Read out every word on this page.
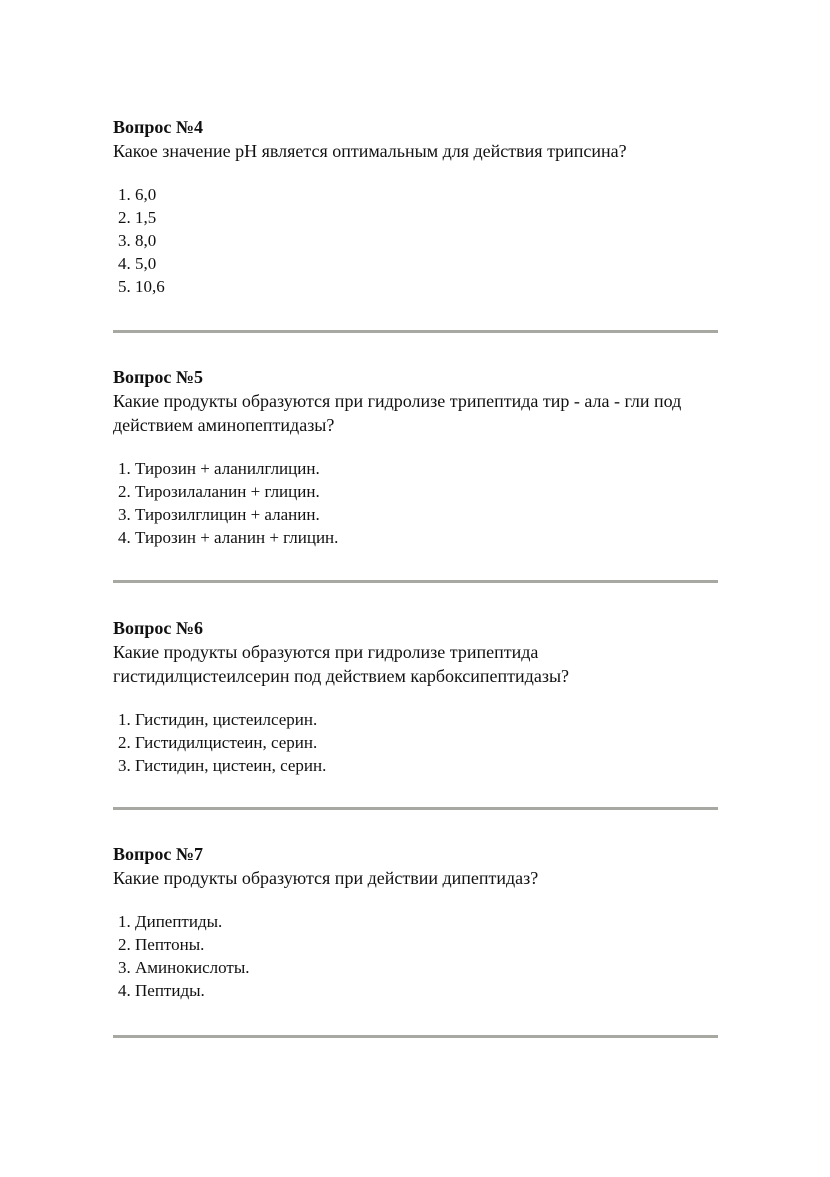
Вопрос №4

Какое значение рН является оптимальным для действия трипсина?

1. 6,0
2. 1,5
3. 8,0
4. 5,0
5. 10,6

Вопрос №5

Какие продукты образуются при гидролизе трипептида тир - ала - гли под действием аминопептидазы?

1. Тирозин + аланилглицин.
2. Тирозилаланин + глицин.
3. Тирозилглицин + аланин.
4. Тирозин + аланин + глицин.

Вопрос №6

Какие продукты образуются при гидролизе трипептида гистидилцистеилсерин под действием карбоксипептидазы?

1. Гистидин, цистеилсерин.
2. Гистидилцистеин, серин.
3. Гистидин, цистеин, серин.

Вопрос №7

Какие продукты образуются при действии дипептидаз?

1. Дипептиды.
2. Пептоны.
3. Аминокислоты.
4. Пептиды.
